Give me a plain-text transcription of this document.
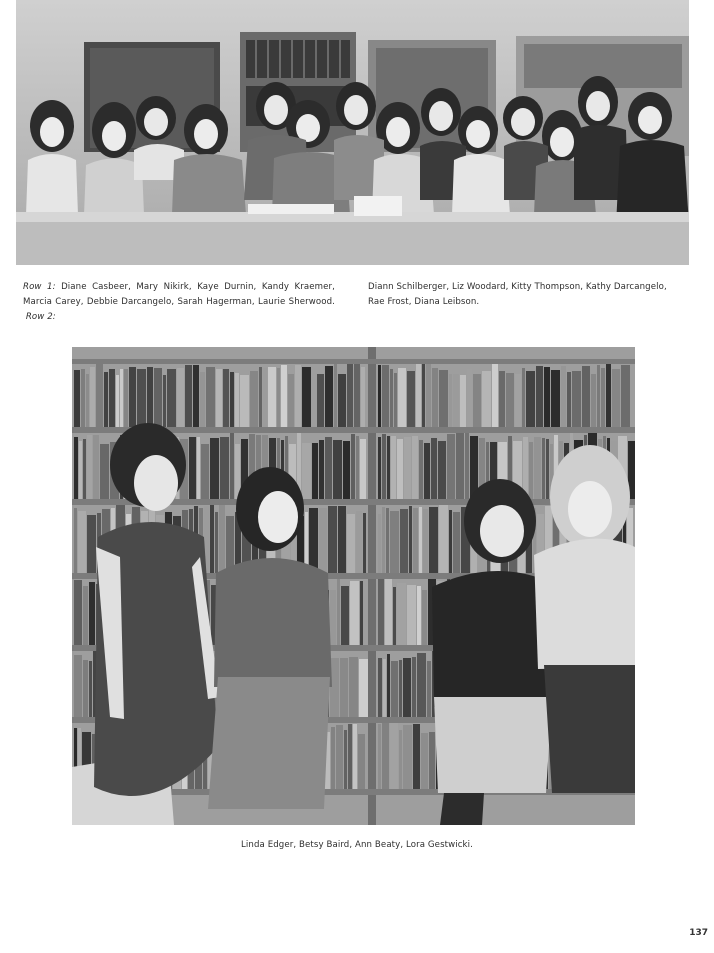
Row 1: Diane Casbeer, Mary Nikirk, Kaye Durnin, Kandy Kraemer, Marcia Carey, Debbie Darcangelo, Sarah Hagerman, Laurie Sherwood.  Row 2:
Diann Schilberger, Liz Woodard, Kitty Thompson, Kathy Darcangelo, Rae Frost, Diana Leibson.
Linda Edger, Betsy Baird, Ann Beaty, Lora Gestwicki.
137
